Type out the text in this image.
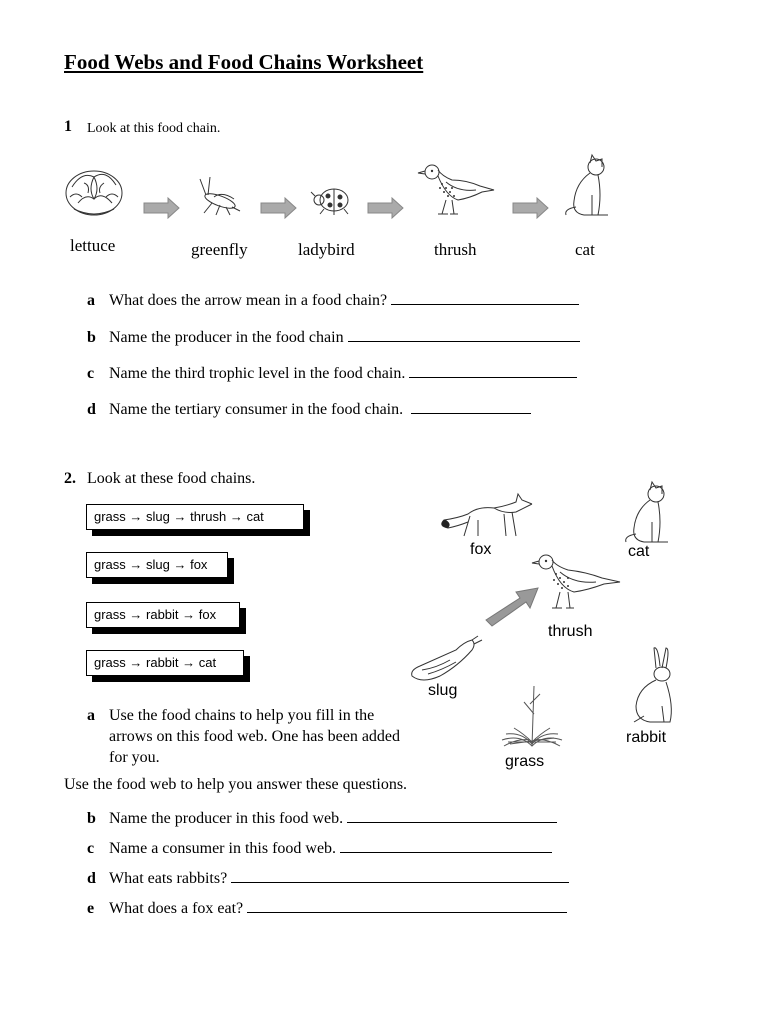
Food Webs and Food Chains Worksheet
1 Look at this food chain.
lettuce	greenfly	ladybird	thrush	cat
a What does the arrow mean in a food chain?
b Name the producer in the food chain
c Name the third trophic level in the food chain.
d Name the tertiary consumer in the food chain.
2. Look at these food chains.
grass → slug → thrush → cat
grass → slug → fox
grass → rabbit → fox
grass → rabbit → cat
fox	cat
thrush
slug
rabbit
grass
a Use the food chains to help you fill in the
arrows on this food web. One has been added
for you.
Use the food web to help you answer these questions.
b Name the producer in this food web.
c Name a consumer in this food web.
d What eats rabbits?
e What does a fox eat?
